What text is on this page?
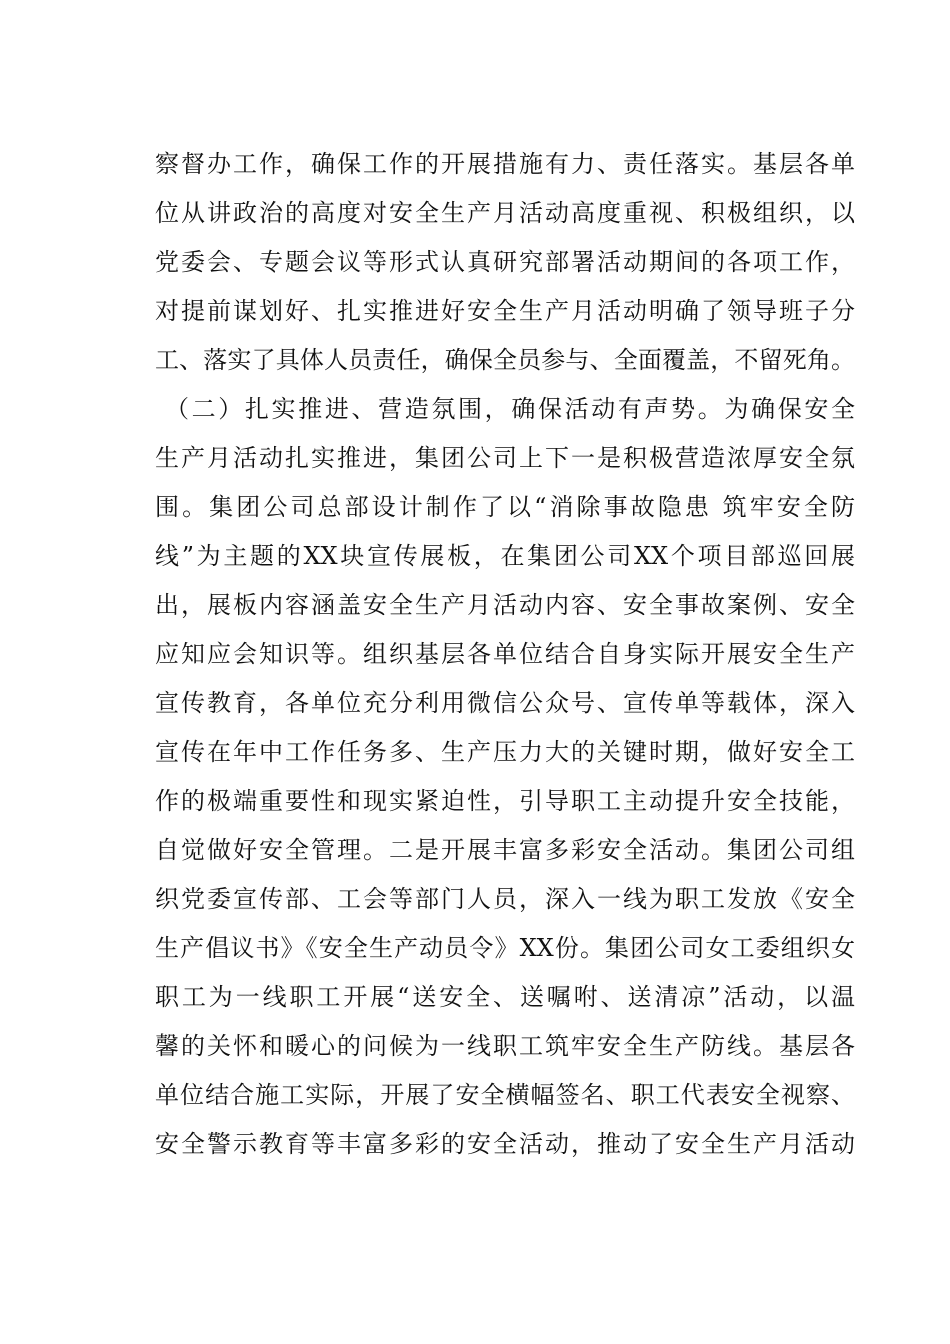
察督办工作，确保工作的开展措施有力、责任落实。基层各单
位从讲政治的高度对安全生产月活动高度重视、积极组织，以
党委会、专题会议等形式认真研究部署活动期间的各项工作，
对提前谋划好、扎实推进好安全生产月活动明确了领导班子分
工、落实了具体人员责任，确保全员参与、全面覆盖，不留死角。
（二）扎实推进、营造氛围，确保活动有声势。为确保安全
生产月活动扎实推进，集团公司上下一是积极营造浓厚安全氛
围。集团公司总部设计制作了以“消除事故隐患 筑牢安全防
线”为主题的XX块宣传展板，在集团公司XX个项目部巡回展
出，展板内容涵盖安全生产月活动内容、安全事故案例、安全
应知应会知识等。组织基层各单位结合自身实际开展安全生产
宣传教育，各单位充分利用微信公众号、宣传单等载体，深入
宣传在年中工作任务多、生产压力大的关键时期，做好安全工
作的极端重要性和现实紧迫性，引导职工主动提升安全技能，
自觉做好安全管理。二是开展丰富多彩安全活动。集团公司组
织党委宣传部、工会等部门人员，深入一线为职工发放《安全
生产倡议书》《安全生产动员令》XX份。集团公司女工委组织女
职工为一线职工开展“送安全、送嘱咐、送清凉”活动，以温
馨的关怀和暖心的问候为一线职工筑牢安全生产防线。基层各
单位结合施工实际，开展了安全横幅签名、职工代表安全视察、
安全警示教育等丰富多彩的安全活动，推动了安全生产月活动
